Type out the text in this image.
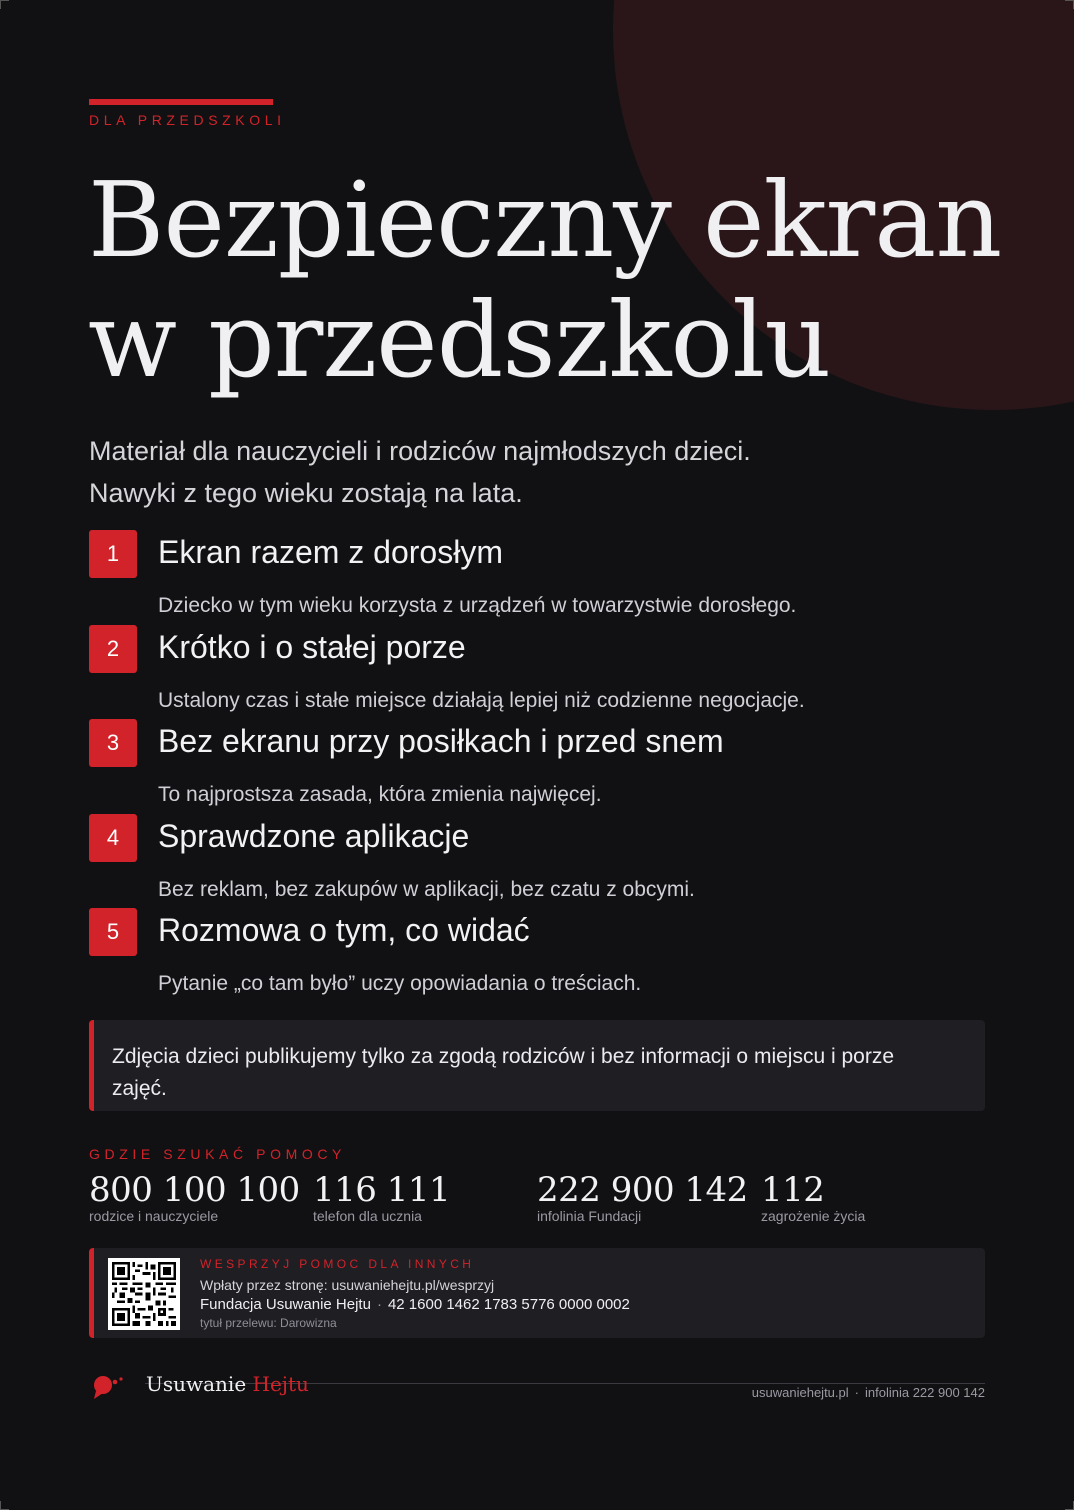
DLA PRZEDSZKOLI
Bezpieczny ekran
w przedszkolu
Materiał dla nauczycieli i rodziców najmłodszych dzieci.
Nawyki z tego wieku zostają na lata.
1	Ekran razem z dorosłym
Dziecko w tym wieku korzysta z urządzeń w towarzystwie dorosłego.
2	Krótko i o stałej porze
Ustalony czas i stałe miejsce działają lepiej niż codzienne negocjacje.
3	Bez ekranu przy posiłkach i przed snem
To najprostsza zasada, która zmienia najwięcej.
4	Sprawdzone aplikacje
Bez reklam, bez zakupów w aplikacji, bez czatu z obcymi.
5	Rozmowa o tym, co widać
Pytanie „co tam było” uczy opowiadania o treściach.
Zdjęcia dzieci publikujemy tylko za zgodą rodziców i bez informacji o miejscu i porze zajęć.
GDZIE SZUKAĆ POMOCY
800 100 100
rodzice i nauczyciele
116 111
telefon dla ucznia
222 900 142
infolinia Fundacji
112
zagrożenie życia
WESPRZYJ POMOC DLA INNYCH
Wpłaty przez stronę: usuwaniehejtu.pl/wesprzyj
Fundacja Usuwanie Hejtu · 42 1600 1462 1783 5776 0000 0002
tytuł przelewu: Darowizna
Usuwanie Hejtu	usuwaniehejtu.pl · infolinia 222 900 142
